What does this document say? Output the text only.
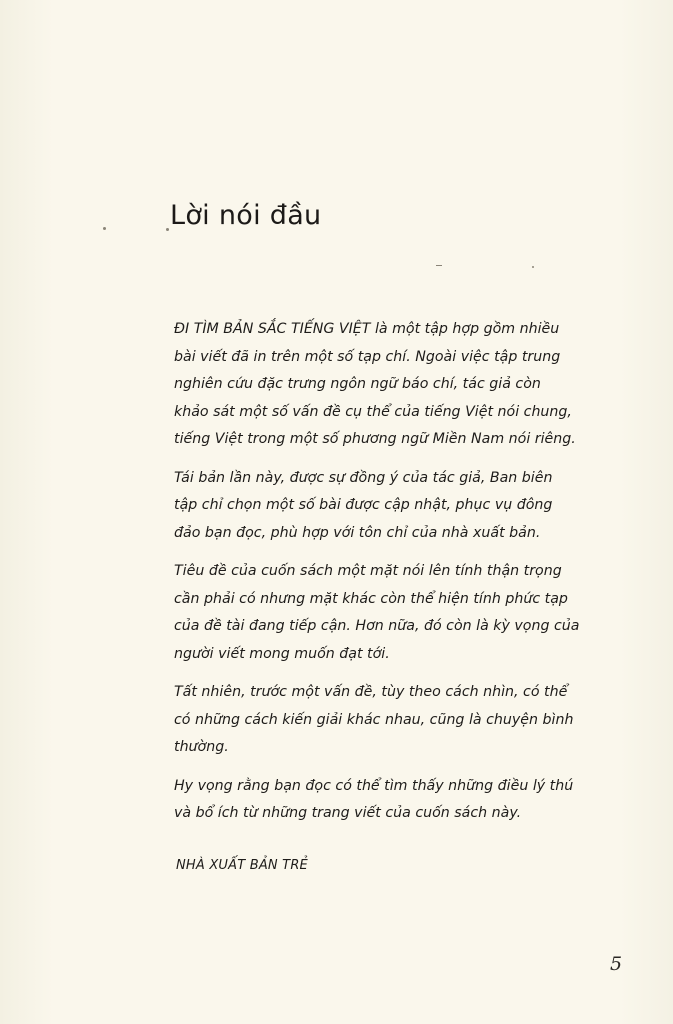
Lời nói đầu

ĐI TÌM BẢN SẮC TIẾNG VIỆT là một tập hợp gồm nhiều
bài viết đã in trên một số tạp chí. Ngoài việc tập trung
nghiên cứu đặc trưng ngôn ngữ báo chí, tác giả còn
khảo sát một số vấn đề cụ thể của tiếng Việt nói chung,
tiếng Việt trong một số phương ngữ Miền Nam nói riêng.

Tái bản lần này, được sự đồng ý của tác giả, Ban biên
tập chỉ chọn một số bài được cập nhật, phục vụ đông
đảo bạn đọc, phù hợp với tôn chỉ của nhà xuất bản.

Tiêu đề của cuốn sách một mặt nói lên tính thận trọng
cần phải có nhưng mặt khác còn thể hiện tính phức tạp
của đề tài đang tiếp cận. Hơn nữa, đó còn là kỳ vọng của
người viết mong muốn đạt tới.

Tất nhiên, trước một vấn đề, tùy theo cách nhìn, có thể
có những cách kiến giải khác nhau, cũng là chuyện bình
thường.

Hy vọng rằng bạn đọc có thể tìm thấy những điều lý thú
và bổ ích từ những trang viết của cuốn sách này.

NHÀ XUẤT BẢN TRẺ
5
